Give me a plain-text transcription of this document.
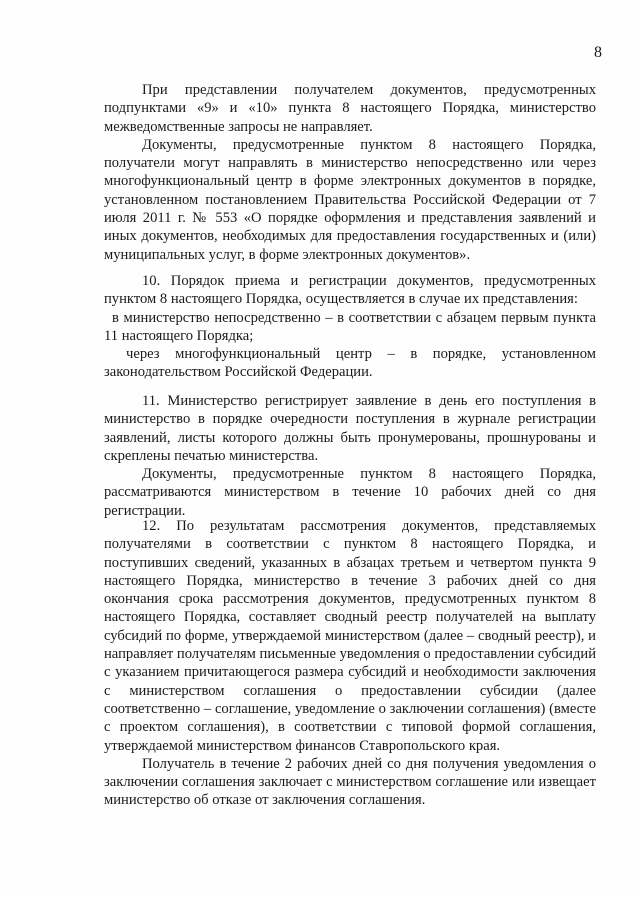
8

При представлении получателем документов, предусмотренных подпунктами «9» и «10» пункта 8 настоящего Порядка, министерство межведомственные запросы не направляет.

Документы, предусмотренные пунктом 8 настоящего Порядка, получатели могут направлять в министерство непосредственно или через многофункциональный центр в форме электронных документов в порядке, установленном постановлением Правительства Российской Федерации от 7 июля 2011 г. № 553 «О порядке оформления и представления заявлений и иных документов, необходимых для предоставления государственных и (или) муниципальных услуг, в форме электронных документов».

10. Порядок приема и регистрации документов, предусмотренных пунктом 8 настоящего Порядка, осуществляется в случае их представления:

в министерство непосредственно – в соответствии с абзацем первым пункта 11 настоящего Порядка;

через многофункциональный центр – в порядке, установленном законодательством Российской Федерации.

11. Министерство регистрирует заявление в день его поступления в министерство в порядке очередности поступления в журнале регистрации заявлений, листы которого должны быть пронумерованы, прошнурованы и скреплены печатью министерства.

Документы, предусмотренные пунктом 8 настоящего Порядка, рассматриваются министерством в течение 10 рабочих дней со дня регистрации.

12. По результатам рассмотрения документов, представляемых получателями в соответствии с пунктом 8 настоящего Порядка, и поступивших сведений, указанных в абзацах третьем и четвертом пункта 9 настоящего Порядка, министерство в течение 3 рабочих дней со дня окончания срока рассмотрения документов, предусмотренных пунктом 8 настоящего Порядка, составляет сводный реестр получателей на выплату субсидий по форме, утверждаемой министерством (далее – сводный реестр), и направляет получателям письменные уведомления о предоставлении субсидий с указанием причитающегося размера субсидий и необходимости заключения с министерством соглашения о предоставлении субсидии (далее соответственно – соглашение, уведомление о заключении соглашения) (вместе с проектом соглашения), в соответствии с типовой формой соглашения, утверждаемой министерством финансов Ставропольского края.

Получатель в течение 2 рабочих дней со дня получения уведомления о заключении соглашения заключает с министерством соглашение или извещает министерство об отказе от заключения соглашения.
